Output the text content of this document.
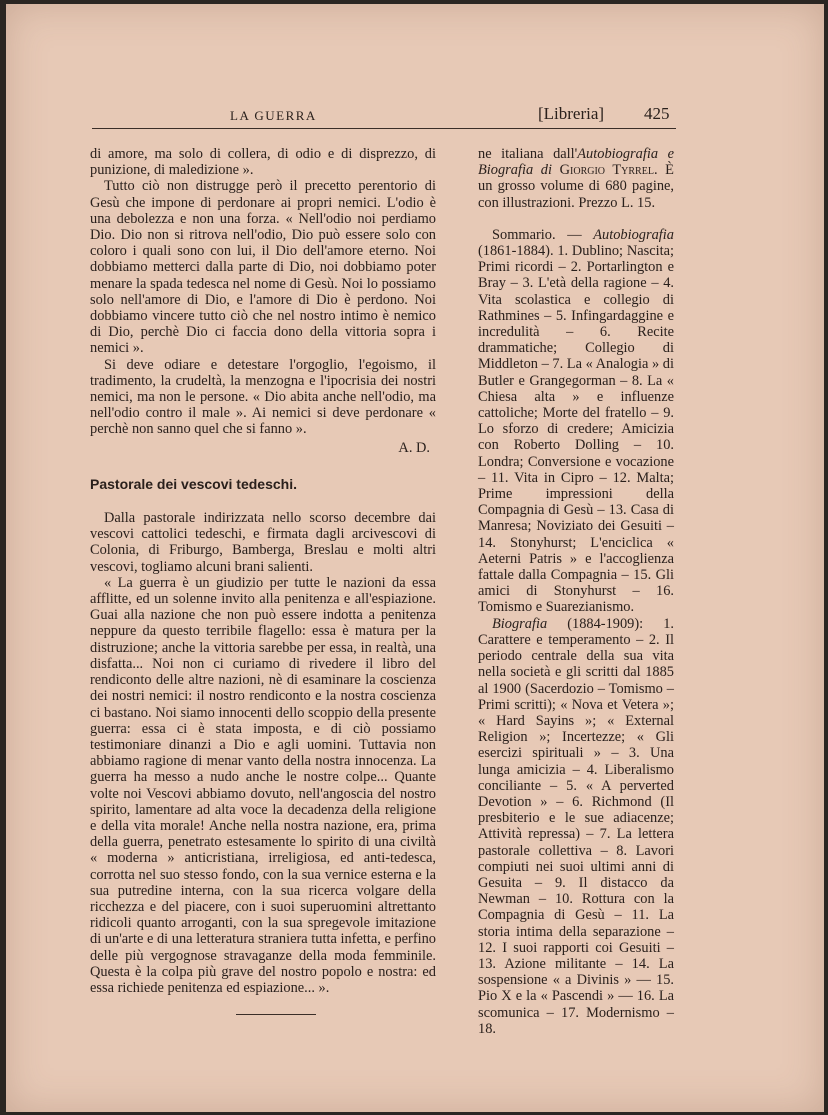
LA GUERRA	[Libreria] 425

di amore, ma solo di collera, di odio e di disprezzo, di punizione, di maledizione ».

Tutto ciò non distrugge però il precetto perentorio di Gesù che impone di perdonare ai propri nemici. L'odio è una debolezza e non una forza. « Nell'odio noi perdiamo Dio. Dio non si ritrova nell'odio, Dio può essere solo con coloro i quali sono con lui, il Dio dell'amore eterno. Noi dobbiamo metterci dalla parte di Dio, noi dobbiamo poter menare la spada tedesca nel nome di Gesù. Noi lo possiamo solo nell'amore di Dio, e l'amore di Dio è perdono. Noi dobbiamo vincere tutto ciò che nel nostro intimo è nemico di Dio, perchè Dio ci faccia dono della vittoria sopra i nemici ».

Si deve odiare e detestare l'orgoglio, l'egoismo, il tradimento, la crudeltà, la menzogna e l'ipocrisia dei nostri nemici, ma non le persone. « Dio abita anche nell'odio, ma nell'odio contro il male ». Ai nemici si deve perdonare « perchè non sanno quel che si fanno ».

A. D.

Pastorale dei vescovi tedeschi.

Dalla pastorale indirizzata nello scorso decembre dai vescovi cattolici tedeschi, e firmata dagli arcivescovi di Colonia, di Friburgo, Bamberga, Breslau e molti altri vescovi, togliamo alcuni brani salienti.

« La guerra è un giudizio per tutte le nazioni da essa afflitte, ed un solenne invito alla penitenza e all'espiazione. Guai alla nazione che non può essere indotta a penitenza neppure da questo terribile flagello: essa è matura per la distruzione; anche la vittoria sarebbe per essa, in realtà, una disfatta... Noi non ci curiamo di rivedere il libro del rendiconto delle altre nazioni, nè di esaminare la coscienza dei nostri nemici: il nostro rendiconto e la nostra coscienza ci bastano. Noi siamo innocenti dello scoppio della presente guerra: essa ci è stata imposta, e di ciò possiamo testimoniare dinanzi a Dio e agli uomini. Tuttavia non abbiamo ragione di menar vanto della nostra innocenza. La guerra ha messo a nudo anche le nostre colpe... Quante volte noi Vescovi abbiamo dovuto, nell'angoscia del nostro spirito, lamentare ad alta voce la decadenza della religione e della vita morale! Anche nella nostra nazione, era, prima della guerra, penetrato estesamente lo spirito di una civiltà « moderna » anticristiana, irreligiosa, ed anti-tedesca, corrotta nel suo stesso fondo, con la sua vernice esterna e la sua putredine interna, con la sua ricerca volgare della ricchezza e del piacere, con i suoi superuomini altrettanto ridicoli quanto arroganti, con la sua spregevole imitazione di un'arte e di una letteratura straniera tutta infetta, e perfino delle più vergognose stravaganze della moda femminile. Questa è la colpa più grave del nostro popolo e nostra: ed essa richiede penitenza ed espiazione... ».

ne italiana dall'Autobiografia e Biografia di Giorgio Tyrrel. È un grosso volume di 680 pagine, con illustrazioni. Prezzo L. 15.

Sommario. — Autobiografia (1861-1884). 1. Dublino; Nascita; Primi ricordi – 2. Portarlington e Bray – 3. L'età della ragione – 4. Vita scolastica e collegio di Rathmines – 5. Infingardaggine e incredulità – 6. Recite drammatiche; Collegio di Middleton – 7. La « Analogia » di Butler e Grangegorman – 8. La « Chiesa alta » e influenze cattoliche; Morte del fratello – 9. Lo sforzo di credere; Amicizia con Roberto Dolling – 10. Londra; Conversione e vocazione – 11. Vita in Cipro – 12. Malta; Prime impressioni della Compagnia di Gesù – 13. Casa di Manresa; Noviziato dei Gesuiti – 14. Stonyhurst; L'enciclica « Aeterni Patris » e l'accoglienza fattale dalla Compagnia – 15. Gli amici di Stonyhurst – 16. Tomismo e Suarezianismo.

Biografia (1884-1909): 1. Carattere e temperamento – 2. Il periodo centrale della sua vita nella società e gli scritti dal 1885 al 1900 (Sacerdozio – Tomismo – Primi scritti); « Nova et Vetera »; « Hard Sayins »; « External Religion »; Incertezze; « Gli esercizi spirituali » – 3. Una lunga amicizia – 4. Liberalismo conciliante – 5. « A perverted Devotion » – 6. Richmond (Il presbiterio e le sue adiacenze; Attività repressa) – 7. La lettera pastorale collettiva – 8. Lavori compiuti nei suoi ultimi anni di Gesuita – 9. Il distacco da Newman – 10. Rottura con la Compagnia di Gesù – 11. La storia intima della separazione – 12. I suoi rapporti coi Gesuiti – 13. Azione militante – 14. La sospensione « a Divinis » — 15. Pio X e la « Pascendi » — 16. La scomunica – 17. Modernismo – 18.
